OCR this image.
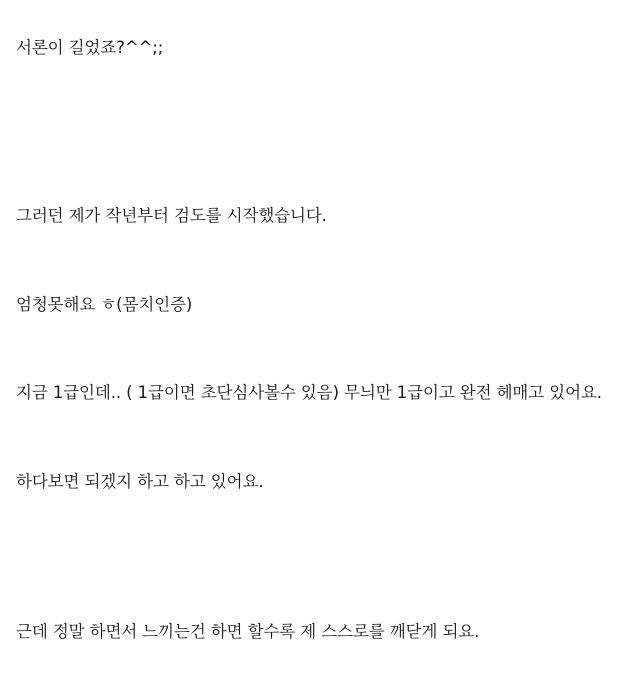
서론이 길었죠?^^;;

그러던 제가 작년부터 검도를 시작했습니다.

엄청못해요 ㅎ(몸치인증)

지금 1급인데.. ( 1급이면 초단심사볼수 있음) 무늬만 1급이고 완전 헤매고 있어요.

하다보면 되겠지 하고 하고 있어요.

근데 정말 하면서 느끼는건 하면 할수록 제 스스로를 깨닫게 되요.
